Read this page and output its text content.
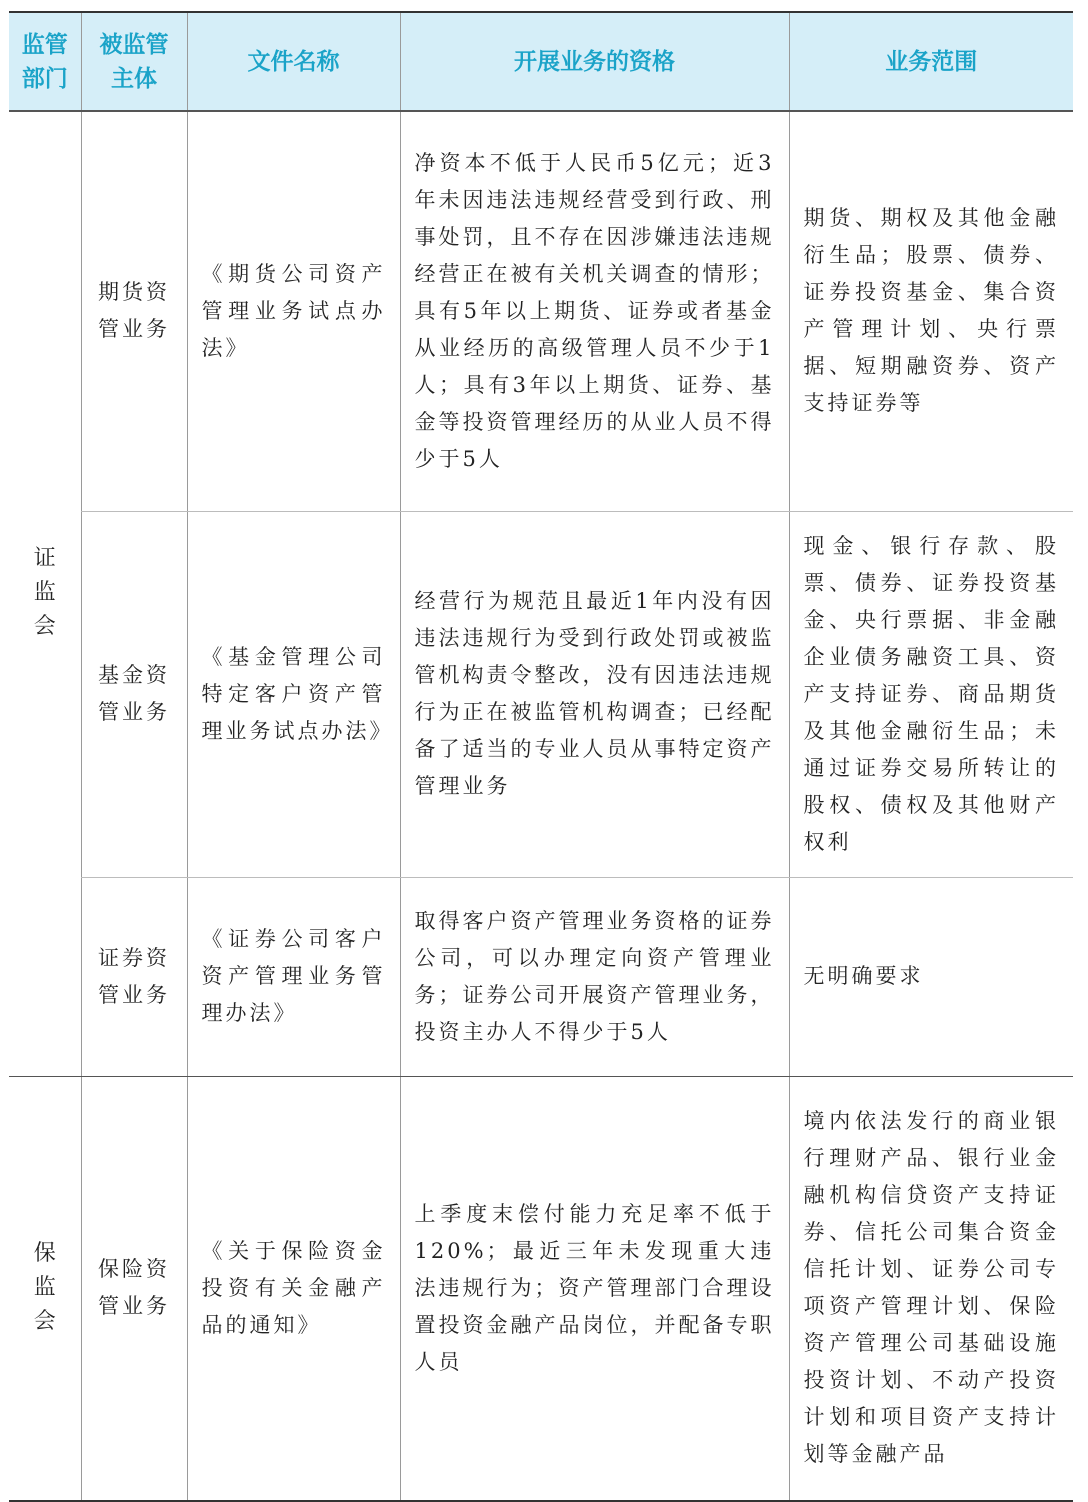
监管部门	被监管主体	文件名称	开展业务的资格	业务范围
证监会	期货资管业务	《期货公司资产管理业务试点办法》	净资本不低于人民币5亿元；近3年未因违法违规经营受到行政、刑事处罚，且不存在因涉嫌违法违规经营正在被有关机关调查的情形；具有5年以上期货、证券或者基金从业经历的高级管理人员不少于1人；具有3年以上期货、证券、基金等投资管理经历的从业人员不得少于5人	期货、期权及其他金融衍生品；股票、债券、证券投资基金、集合资产管理计划、央行票据、短期融资券、资产支持证券等
	基金资管业务	《基金管理公司特定客户资产管理业务试点办法》	经营行为规范且最近1年内没有因违法违规行为受到行政处罚或被监管机构责令整改，没有因违法违规行为正在被监管机构调查；已经配备了适当的专业人员从事特定资产管理业务	现金、银行存款、股票、债券、证券投资基金、央行票据、非金融企业债务融资工具、资产支持证券、商品期货及其他金融衍生品；未通过证券交易所转让的股权、债权及其他财产权利
	证券资管业务	《证券公司客户资产管理业务管理办法》	取得客户资产管理业务资格的证券公司，可以办理定向资产管理业务；证券公司开展资产管理业务，投资主办人不得少于5人	无明确要求
保监会	保险资管业务	《关于保险资金投资有关金融产品的通知》	上季度末偿付能力充足率不低于120%；最近三年未发现重大违法违规行为；资产管理部门合理设置投资金融产品岗位，并配备专职人员	境内依法发行的商业银行理财产品、银行业金融机构信贷资产支持证券、信托公司集合资金信托计划、证券公司专项资产管理计划、保险资产管理公司基础设施投资计划、不动产投资计划和项目资产支持计划等金融产品
